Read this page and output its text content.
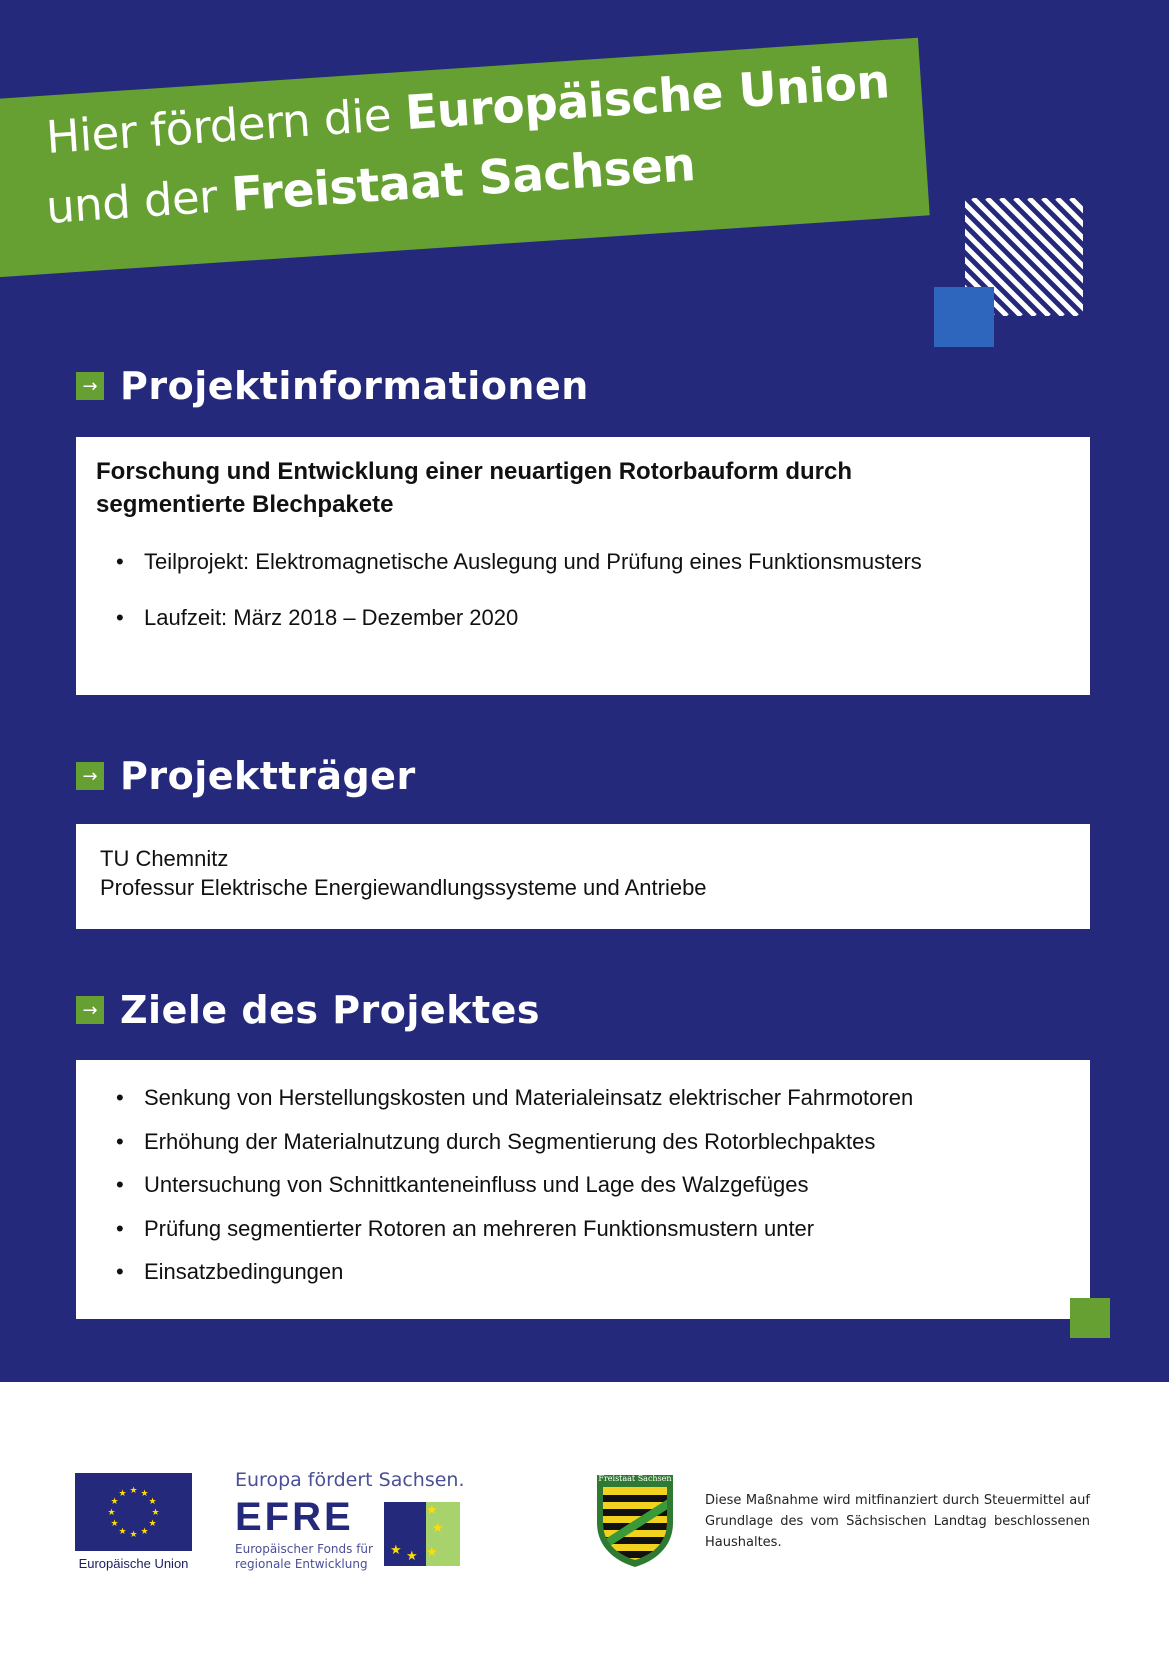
Hier fördern die Europäische Union
und der Freistaat Sachsen
→ Projektinformationen

Forschung und Entwicklung einer neuartigen Rotorbauform durch
segmentierte Blechpakete

• Teilprojekt: Elektromagnetische Auslegung und Prüfung eines Funktionsmusters
• Laufzeit: März 2018 – Dezember 2020
→ Projektträger

TU Chemnitz

Professur Elektrische Energiewandlungssysteme und Antriebe

→ Ziele des Projektes
• Senkung von Herstellungskosten und Materialeinsatz elektrischer Fahrmotoren
• Erhöhung der Materialnutzung durch Segmentierung des Rotorblechpaktes
• Untersuchung von Schnittkanteneinfluss und Lage des Walzgefüges
• Prüfung segmentierter Rotoren an mehreren Funktionsmustern unter
• Einsatzbedingungen
★ ★
★
★
★
★
★
★
★
★
★
★
Europäische Union
Europa fördert Sachsen.
EFRE
Europäischer Fonds für
regionale Entwicklung
★ ★ ★
★
★
Freistaat Sachsen
Diese Maßnahme wird mitfinanziert durch Steuermittel auf Grundlage des vom Sächsischen Landtag beschlossenen Haushaltes.
